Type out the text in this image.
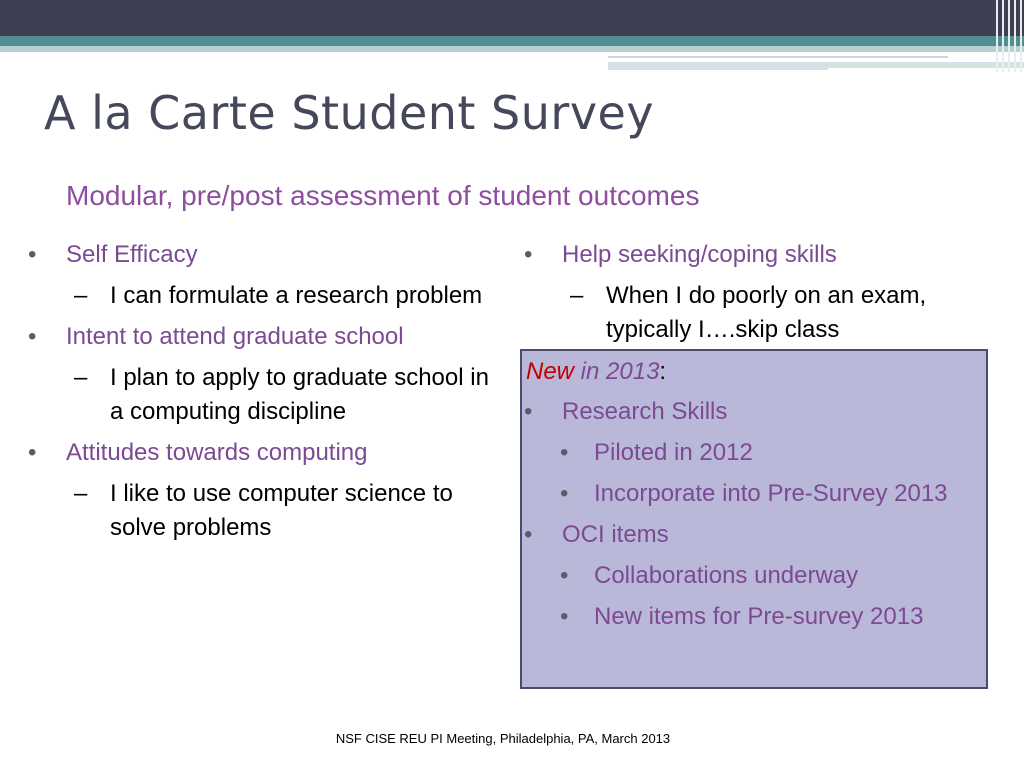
A la Carte Student Survey
Modular, pre/post assessment of student outcomes
• Self Efficacy
– I can formulate a research problem
• Intent to attend graduate school
– I plan to apply to graduate school in a computing discipline
• Attitudes towards computing
– I like to use computer science to solve problems
• Help seeking/coping skills
– When I do poorly on an exam, typically I….skip class
New in 2013:
• Research Skills
• Piloted in 2012
• Incorporate into Pre-Survey 2013
• OCI items
• Collaborations underway
• New items for Pre-survey 2013
NSF CISE REU PI Meeting, Philadelphia, PA, March 2013
